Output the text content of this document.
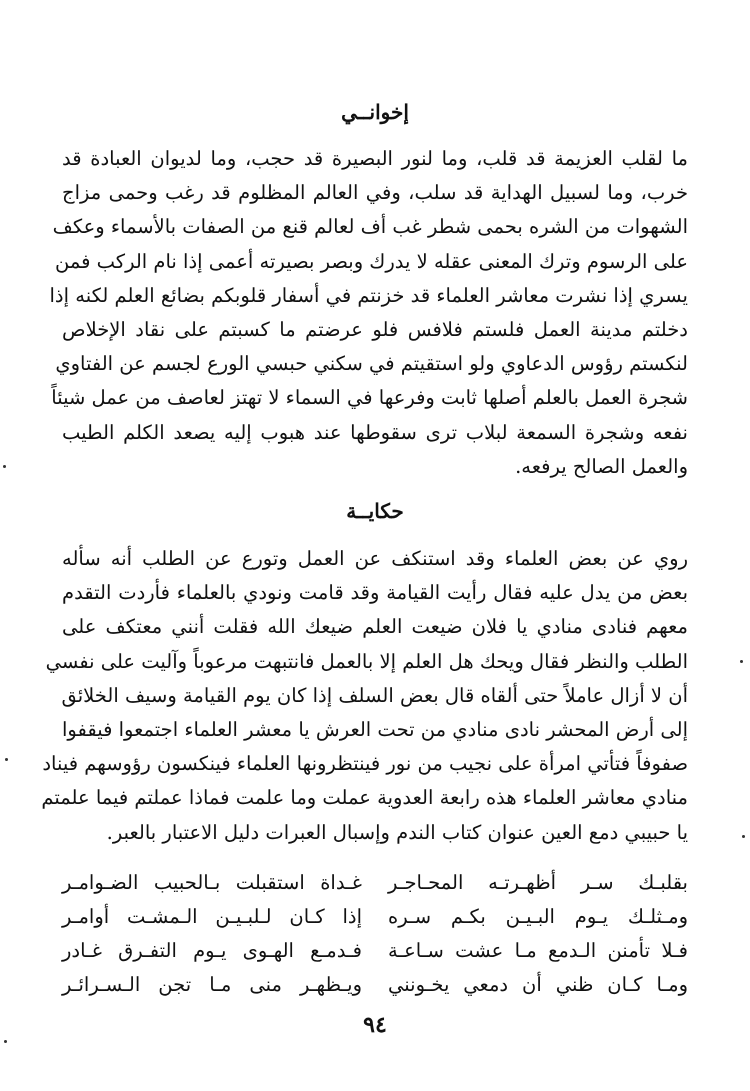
إخوانــي
ما لقلب العزيمة قد قلب، وما لنور البصيرة قد حجب، وما لديوان العبادة قد
خرب، وما لسبيل الهداية قد سلب، وفي العالم المظلوم قد رغب وحمى مزاج
الشهوات من الشره بحمى شطر غب أف لعالم قنع من الصفات بالأسماء وعكف
على الرسوم وترك المعنى عقله لا يدرك وبصر بصيرته أعمى إذا نام الركب فمن
يسري إذا نشرت معاشر العلماء قد خزنتم في أسفار قلوبكم بضائع العلم لكنه إذا
دخلتم مدينة العمل فلستم فلافس فلو عرضتم ما كسبتم على نقاد الإخلاص
لنكستم رؤوس الدعاوي ولو استقيتم في سكني حبسي الورع لجسم عن الفتاوي
شجرة العمل بالعلم أصلها ثابت وفرعها في السماء لا تهتز لعاصف من عمل شيئاً
نفعه وشجرة السمعة لبلاب ترى سقوطها عند هبوب إليه يصعد الكلم الطيب
والعمل الصالح يرفعه.
حكايــة
روي عن بعض العلماء وقد استنكف عن العمل وتورع عن الطلب أنه سأله
بعض من يدل عليه فقال رأيت القيامة وقد قامت ونودي بالعلماء فأردت التقدم
معهم فنادى منادي يا فلان ضيعت العلم ضيعك الله فقلت أنني معتكف على
الطلب والنظر فقال ويحك هل العلم إلا بالعمل فانتبهت مرعوباً وآليت على نفسي
أن لا أزال عاملاً حتى ألقاه قال بعض السلف إذا كان يوم القيامة وسيف الخلائق
إلى أرض المحشر نادى منادي من تحت العرش يا معشر العلماء اجتمعوا فيقفوا
صفوفاً فتأتي امرأة على نجيب من نور فينتظرونها العلماء فينكسون رؤوسهم فيناد
منادي معاشر العلماء هذه رابعة العدوية عملت وما علمت فماذا عملتم فيما علمتم
يا حبيبي دمع العين عنوان كتاب الندم وإسبال العبرات دليل الاعتبار بالعبر.
بقلبـك سـر أظهـرتـه المحـاجـر
غـداة استقبلت بـالحبيب الضـوامـر
ومـثلـك يـوم البـيـن بكـم سـره
إذا كـان لـلبـيـن الـمشـت أوامـر
فـلا تأمنن الـدمع مـا عشت سـاعـة
فـدمـع الهـوى يـوم التفـرق غـادر
ومـا كـان ظني أن دمعي يخـونني
ويـظهـر منى مـا تجن الـسـرائـر
٩٤
